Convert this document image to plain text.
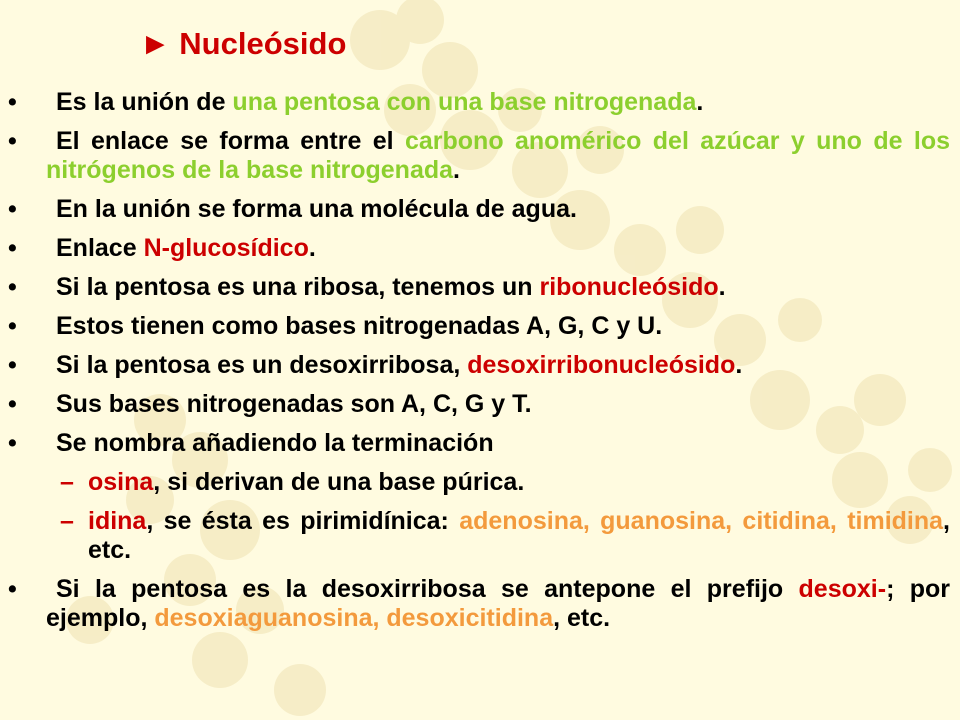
► Nucleósido
• Es la unión de una pentosa con una base nitrogenada.
• El enlace se forma entre el carbono anomérico del azúcar y uno de los nitrógenos de la base nitrogenada.
• En la unión se forma una molécula de agua.
• Enlace N-glucosídico.
• Si la pentosa es una ribosa, tenemos un ribonucleósido.
• Estos tienen como bases nitrogenadas A, G, C y U.
• Si la pentosa es un desoxirribosa, desoxirribonucleósido.
• Sus bases nitrogenadas son A, C, G y T.
• Se nombra añadiendo la terminación
– osina, si derivan de una base púrica.
– idina, se ésta es pirimidínica: adenosina, guanosina, citidina, timidina, etc.
• Si la pentosa es la desoxirribosa se antepone el prefijo desoxi-; por ejemplo, desoxiaguanosina, desoxicitidina, etc.
